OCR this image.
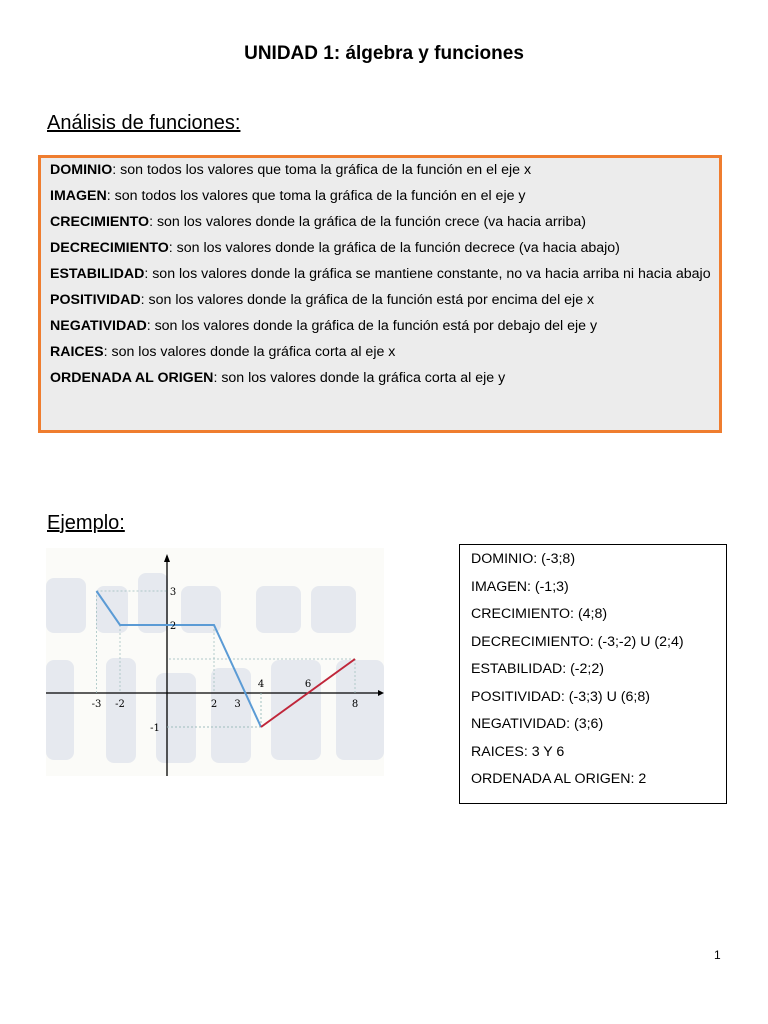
UNIDAD 1: álgebra y funciones
Análisis de funciones:

DOMINIO: son todos los valores que toma la gráfica de la función en el eje x

IMAGEN: son todos los valores que toma la gráfica de la función en el eje y

CRECIMIENTO: son los valores donde la gráfica de la función crece (va hacia arriba)

DECRECIMIENTO: son los valores donde la gráfica de la función decrece (va hacia abajo)

ESTABILIDAD: son los valores donde la gráfica se mantiene constante, no va hacia arriba ni hacia abajo

POSITIVIDAD: son los valores donde la gráfica de la función está por encima del eje x

NEGATIVIDAD: son los valores donde la gráfica de la función está por debajo del eje y

RAICES: son los valores donde la gráfica corta al eje x

ORDENADA AL ORIGEN: son los valores donde la gráfica corta al eje y

Ejemplo:
-3 -2	2 3
4	6
8
3
2
-1
DOMINIO: (-3;8)
IMAGEN: (-1;3)
CRECIMIENTO: (4;8)
DECRECIMIENTO: (-3;-2) U (2;4)
ESTABILIDAD: (-2;2)
POSITIVIDAD: (-3;3) U (6;8)
NEGATIVIDAD: (3;6)
RAICES: 3 Y 6
ORDENADA AL ORIGEN: 2
1
